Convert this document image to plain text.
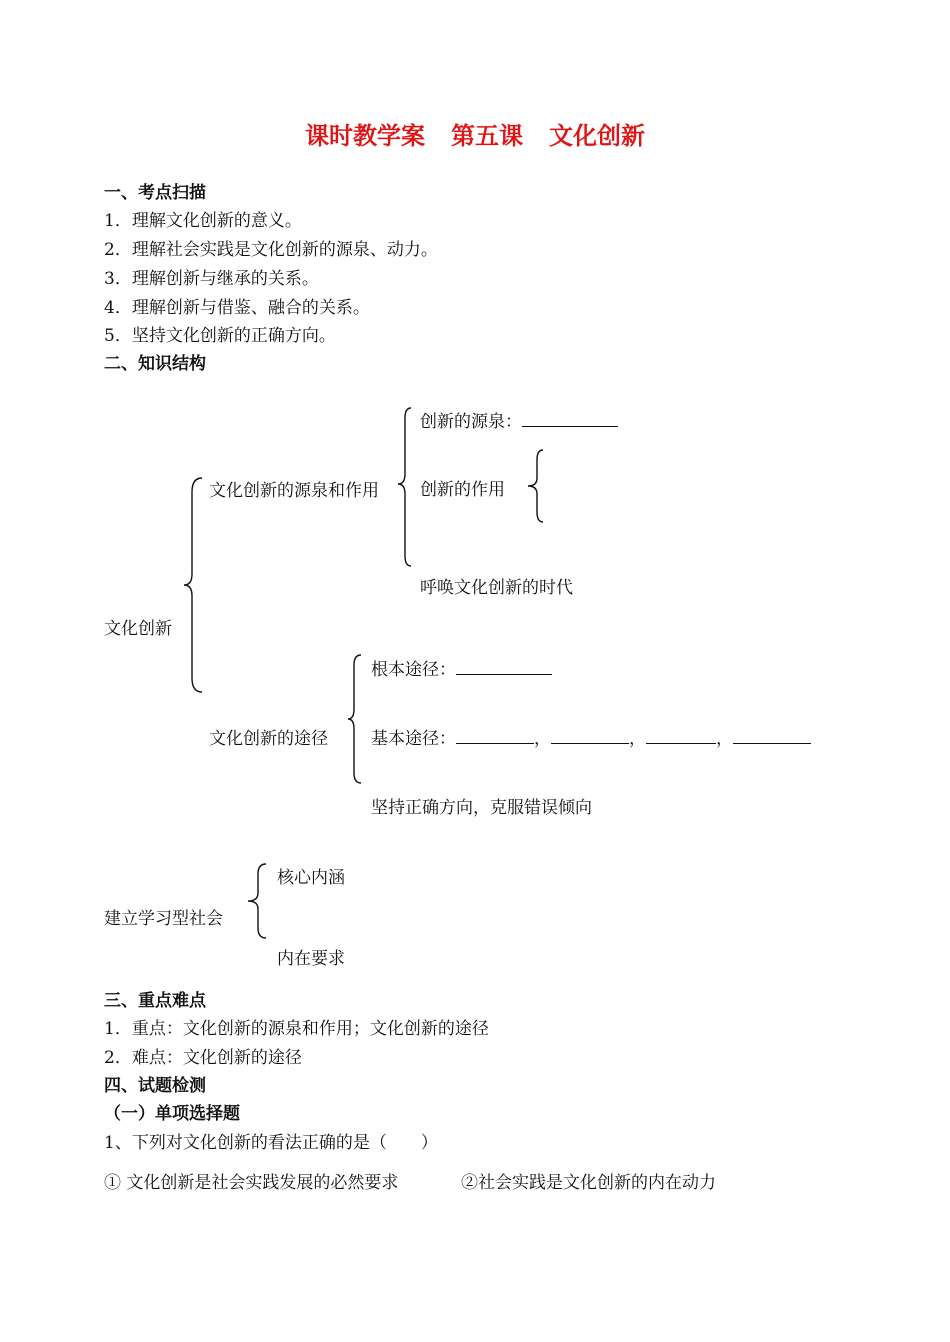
课时教学案 第五课 文化创新
一、考点扫描
1．理解文化创新的意义。
2．理解社会实践是文化创新的源泉、动力。
3．理解创新与继承的关系。
4．理解创新与借鉴、融合的关系。
5．坚持文化创新的正确方向。
二、知识结构
文化创新
文化创新的源泉和作用
创新的源泉：
创新的作用
呼唤文化创新的时代
文化创新的途径
根本途径：
基本途径：	，	，	，
坚持正确方向，克服错误倾向
建立学习型社会
核心内涵
内在要求
三、重点难点
1．重点：文化创新的源泉和作用；文化创新的途径
2．难点：文化创新的途径
四、试题检测
（一）单项选择题
1、下列对文化创新的看法正确的是（　　）
① 文化创新是社会实践发展的必然要求	②社会实践是文化创新的内在动力
